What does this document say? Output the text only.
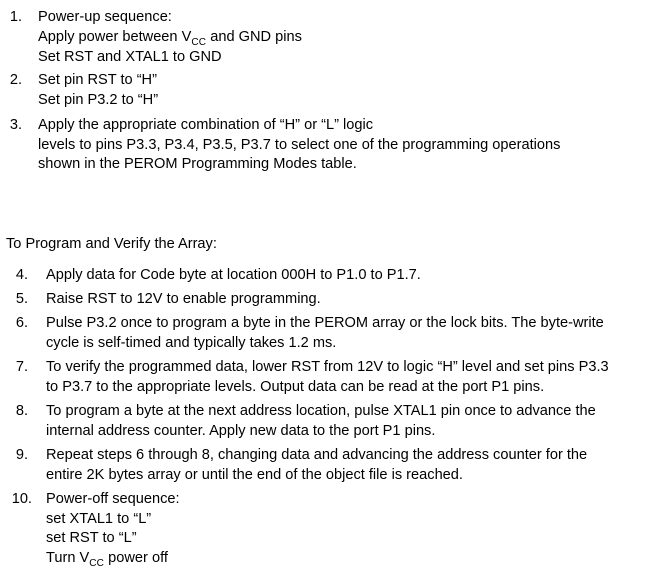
1. Power-up sequence:
Apply power between $V_{CC}$ and GND pins
Set RST and XTAL1 to GND
2. Set pin RST to “H”
Set pin P3.2 to “H”
3. Apply the appropriate combination of “H” or “L” logic
levels to pins P3.3, P3.4, P3.5, P3.7 to select one of the programming operations
shown in the PEROM Programming Modes table.
To Program and Verify the Array:
4. Apply data for Code byte at location 000H to P1.0 to P1.7.
5. Raise RST to 12V to enable programming.
6. Pulse P3.2 once to program a byte in the PEROM array or the lock bits. The byte-write
cycle is self-timed and typically takes 1.2 ms.
7. To verify the programmed data, lower RST from 12V to logic “H” level and set pins P3.3
to P3.7 to the appropriate levels. Output data can be read at the port P1 pins.
8. To program a byte at the next address location, pulse XTAL1 pin once to advance the
internal address counter. Apply new data to the port P1 pins.
9. Repeat steps 6 through 8, changing data and advancing the address counter for the
entire 2K bytes array or until the end of the object file is reached.
10. Power-off sequence:
set XTAL1 to “L”
set RST to “L”
Turn $V_{CC}$ power off
